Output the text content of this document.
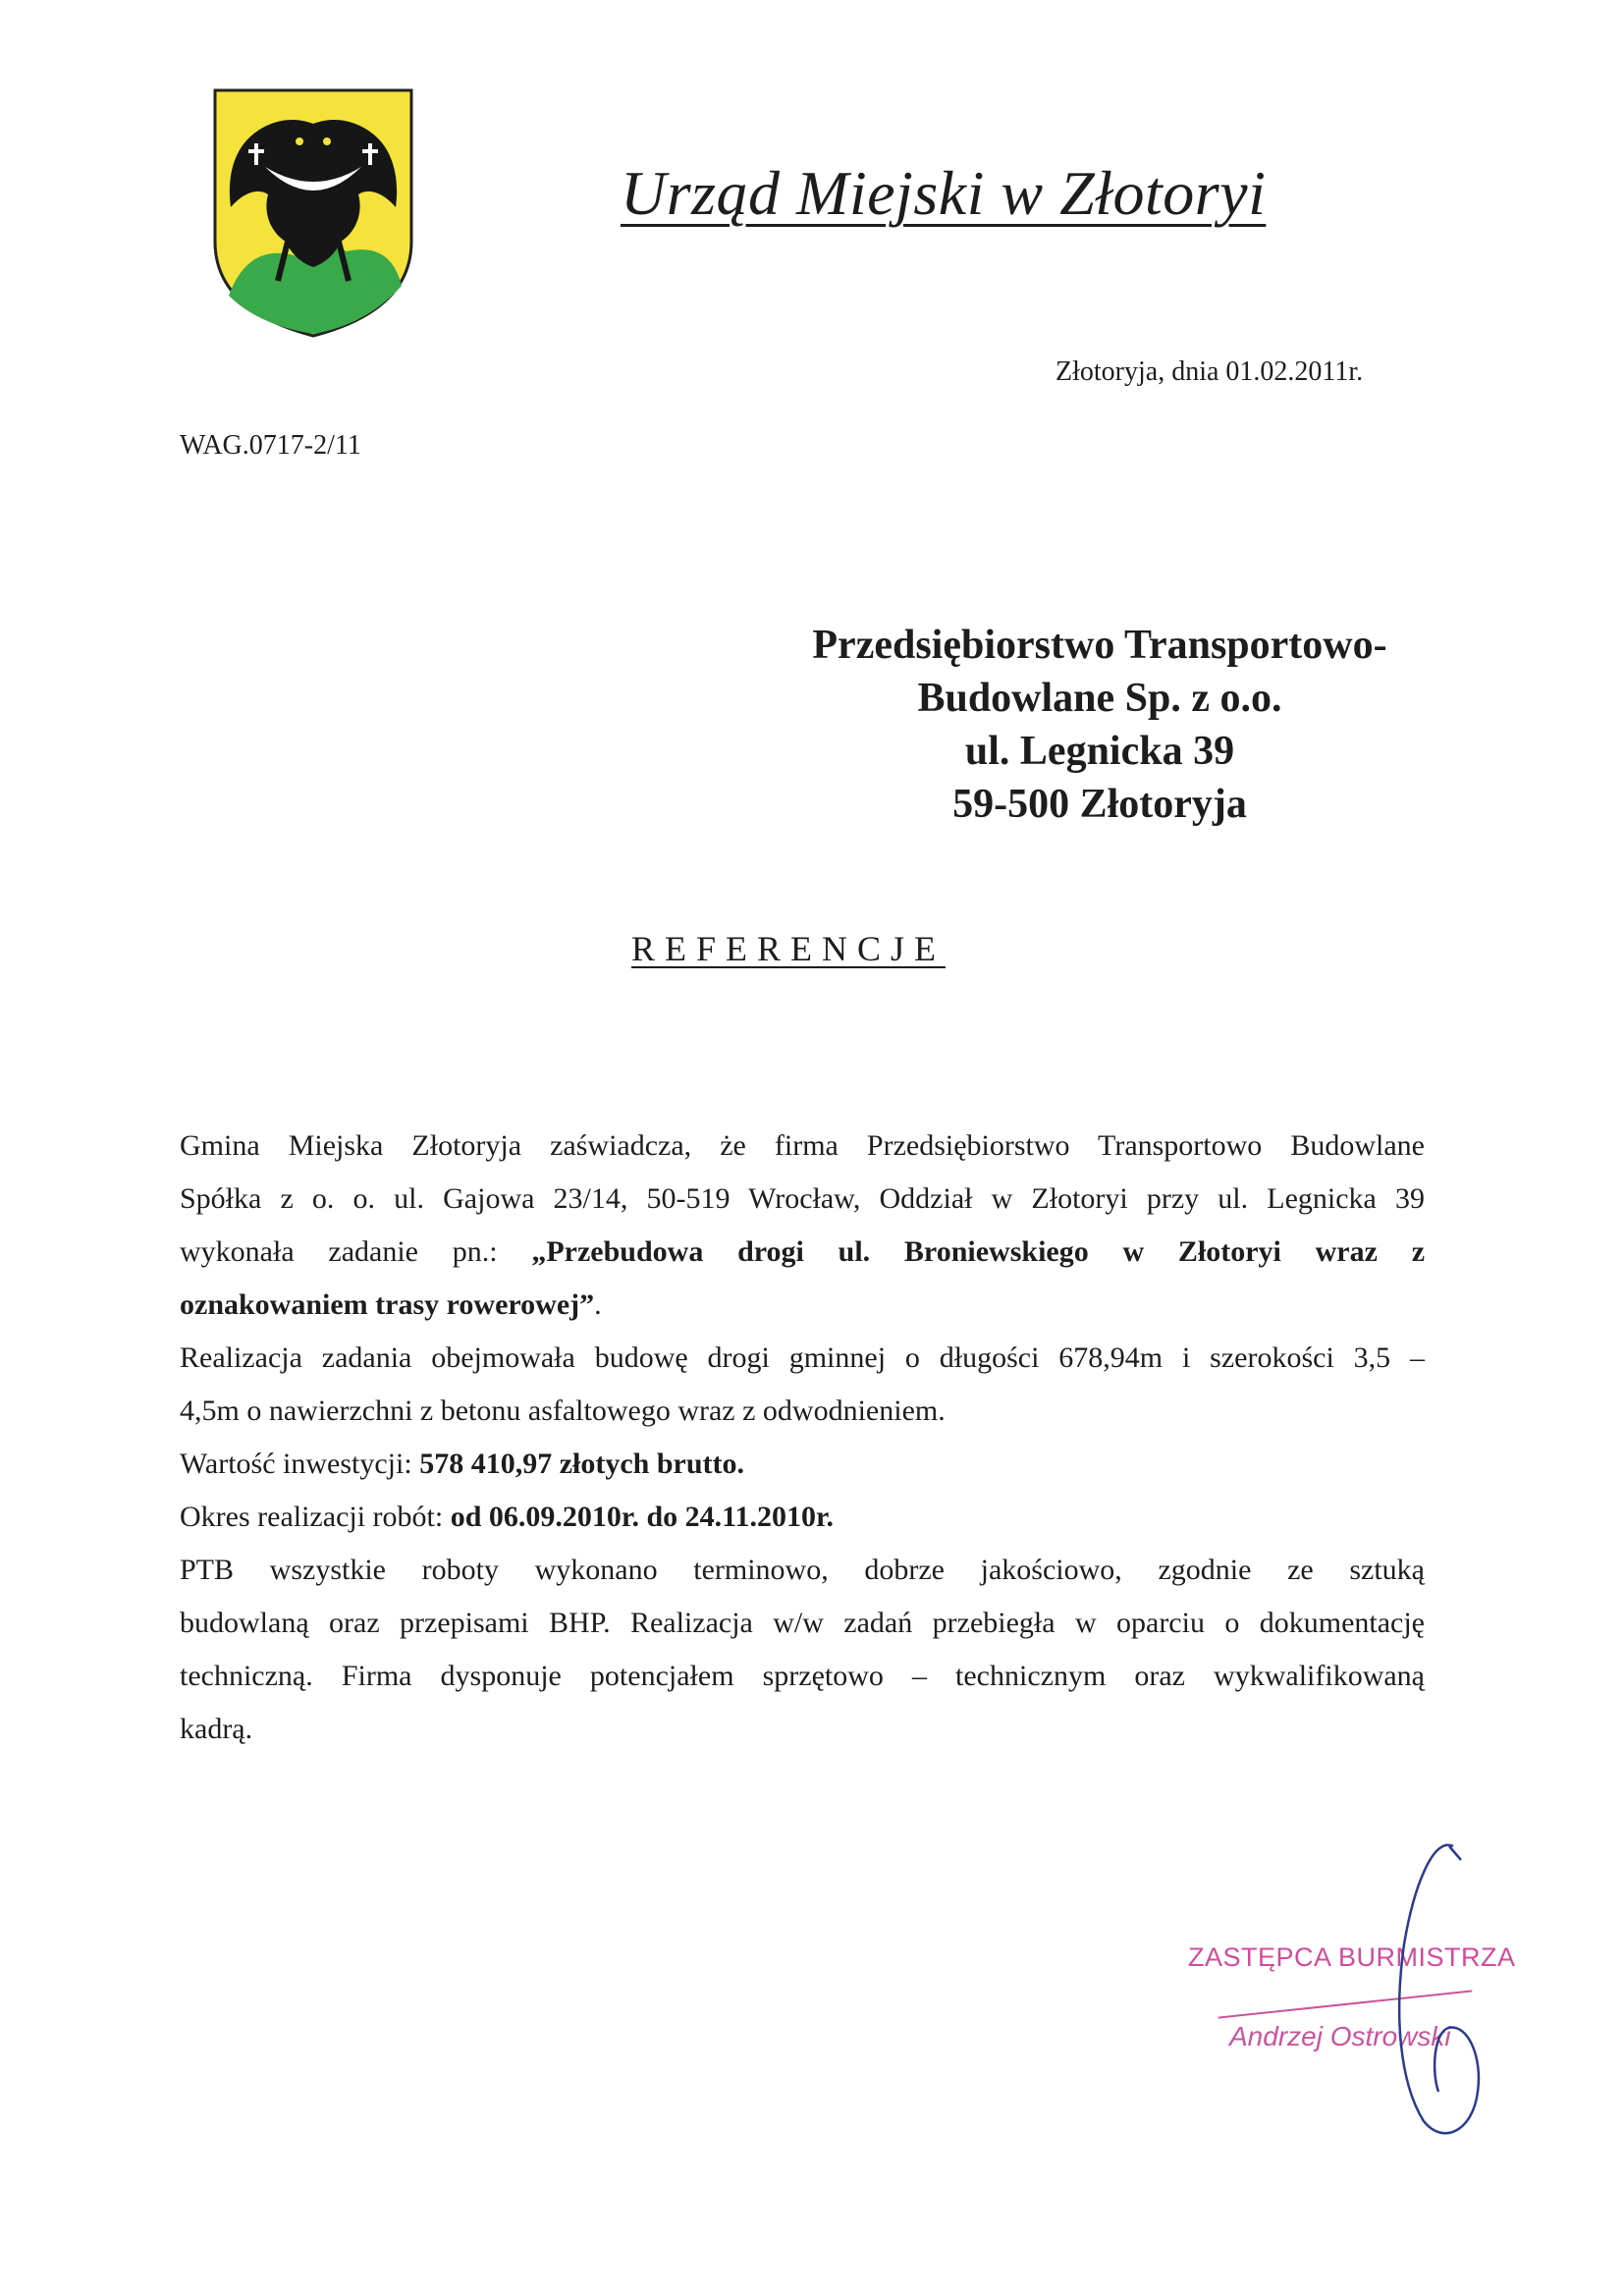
Urząd Miejski w Złotoryi
Złotoryja, dnia 01.02.2011r.
WAG.0717-2/11
Przedsiębiorstwo Transportowo-
Budowlane Sp. z o.o.
ul. Legnicka 39
59-500 Złotoryja
REFERENCJE

Gmina Miejska Złotoryja zaświadcza, że firma Przedsiębiorstwo Transportowo Budowlane

Spółka z o. o. ul. Gajowa 23/14, 50-519 Wrocław, Oddział w Złotoryi przy ul. Legnicka 39

wykonała zadanie pn.: „Przebudowa drogi ul. Broniewskiego w Złotoryi wraz z

oznakowaniem trasy rowerowej”.

Realizacja zadania obejmowała budowę drogi gminnej o długości 678,94m i szerokości 3,5 –

4,5m o nawierzchni z betonu asfaltowego wraz z odwodnieniem.

Wartość inwestycji: 578 410,97 złotych brutto.

Okres realizacji robót: od 06.09.2010r. do 24.11.2010r.

PTB wszystkie roboty wykonano terminowo, dobrze jakościowo, zgodnie ze sztuką

budowlaną oraz przepisami BHP. Realizacja w/w zadań przebiegła w oparciu o dokumentację

techniczną. Firma dysponuje potencjałem sprzętowo – technicznym oraz wykwalifikowaną

kadrą.

ZASTĘPCA BURMISTRZA
Andrzej Ostrowski
